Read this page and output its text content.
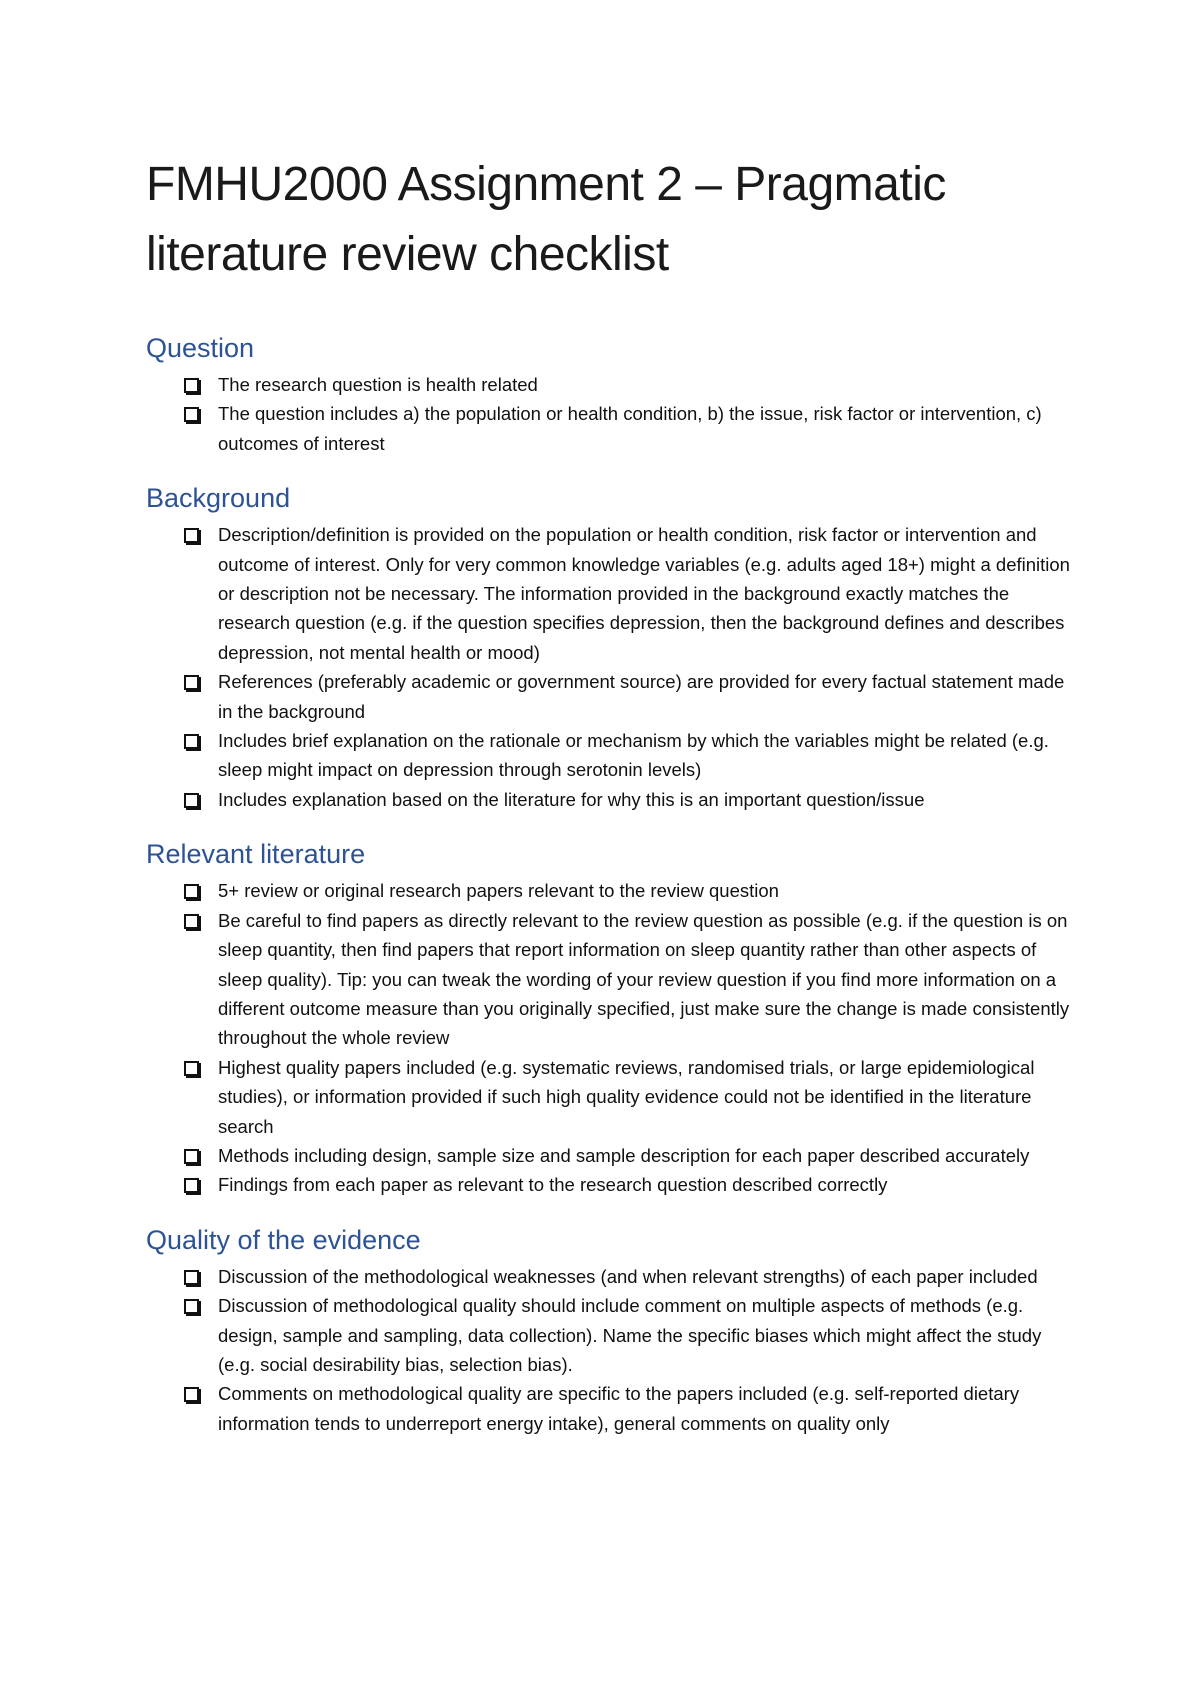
FMHU2000 Assignment 2 – Pragmatic literature review checklist
Question
The research question is health related
The question includes a) the population or health condition, b) the issue, risk factor or intervention, c) outcomes of interest
Background
Description/definition is provided on the population or health condition, risk factor or intervention and outcome of interest. Only for very common knowledge variables (e.g. adults aged 18+) might a definition or description not be necessary. The information provided in the background exactly matches the research question (e.g. if the question specifies depression, then the background defines and describes depression, not mental health or mood)
References (preferably academic or government source) are provided for every factual statement made in the background
Includes brief explanation on the rationale or mechanism by which the variables might be related (e.g. sleep might impact on depression through serotonin levels)
Includes explanation based on the literature for why this is an important question/issue
Relevant literature
5+ review or original research papers relevant to the review question
Be careful to find papers as directly relevant to the review question as possible (e.g. if the question is on sleep quantity, then find papers that report information on sleep quantity rather than other aspects of sleep quality). Tip: you can tweak the wording of your review question if you find more information on a different outcome measure than you originally specified, just make sure the change is made consistently throughout the whole review
Highest quality papers included (e.g. systematic reviews, randomised trials, or large epidemiological studies), or information provided if such high quality evidence could not be identified in the literature search
Methods including design, sample size and sample description for each paper described accurately
Findings from each paper as relevant to the research question described correctly
Quality of the evidence
Discussion of the methodological weaknesses (and when relevant strengths) of each paper included
Discussion of methodological quality should include comment on multiple aspects of methods (e.g. design, sample and sampling, data collection). Name the specific biases which might affect the study (e.g. social desirability bias, selection bias).
Comments on methodological quality are specific to the papers included (e.g. self-reported dietary information tends to underreport energy intake), general comments on quality only
